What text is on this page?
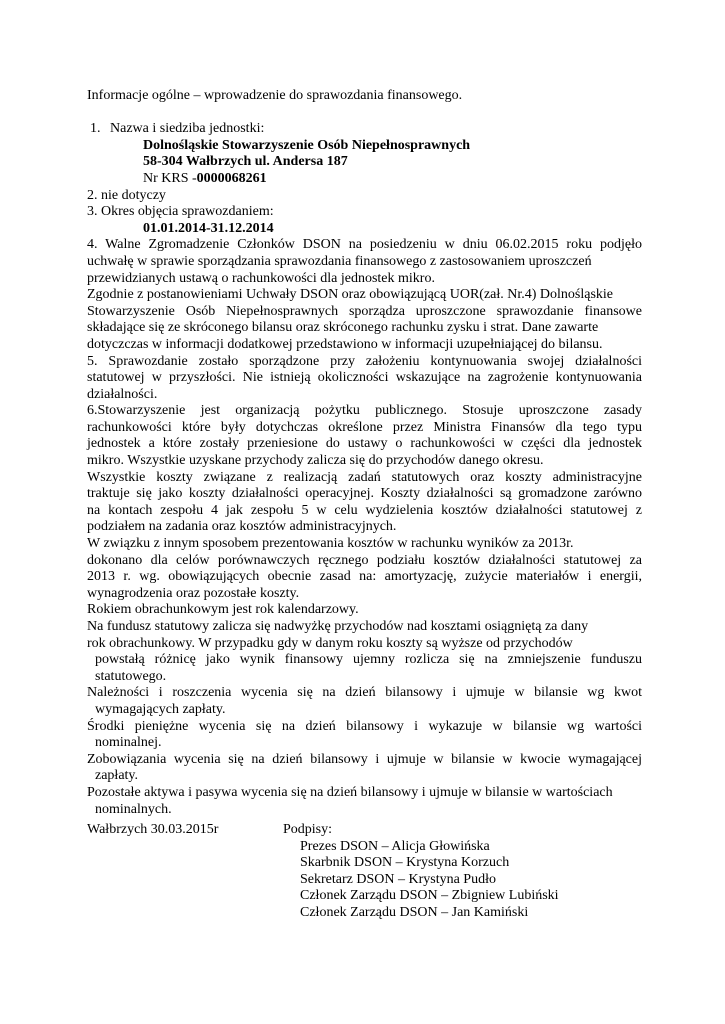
Informacje ogólne – wprowadzenie do sprawozdania finansowego.
1. Nazwa i siedziba jednostki:
Dolnośląskie Stowarzyszenie Osób Niepełnosprawnych
58-304 Wałbrzych ul. Andersa 187
Nr KRS -0000068261
2. nie dotyczy
3. Okres objęcia sprawozdaniem:
01.01.2014-31.12.2014
4. Walne Zgromadzenie Członków DSON na posiedzeniu w dniu 06.02.2015 roku podjęło
uchwałę w sprawie sporządzania sprawozdania finansowego z zastosowaniem uproszczeń
przewidzianych ustawą o rachunkowości dla jednostek mikro.
Zgodnie z postanowieniami Uchwały DSON oraz obowiązującą UOR(zał. Nr.4) Dolnośląskie
Stowarzyszenie Osób Niepełnosprawnych sporządza uproszczone sprawozdanie finansowe
składające się ze skróconego bilansu oraz skróconego rachunku zysku i strat. Dane zawarte
dotyczczas w informacji dodatkowej przedstawiono w informacji uzupełniającej do bilansu.
5. Sprawozdanie zostało sporządzone przy założeniu kontynuowania swojej działalności
statutowej w przyszłości. Nie istnieją okoliczności wskazujące na zagrożenie kontynuowania
działalności.
6.Stowarzyszenie jest organizacją pożytku publicznego. Stosuje uproszczone zasady
rachunkowości które były dotychczas określone przez Ministra Finansów dla tego typu
jednostek a które zostały przeniesione do ustawy o rachunkowości w części dla jednostek
mikro. Wszystkie uzyskane przychody zalicza się do przychodów danego okresu.
Wszystkie koszty związane z realizacją zadań statutowych oraz koszty administracyjne
traktuje się jako koszty działalności operacyjnej. Koszty działalności są gromadzone zarówno
na kontach zespołu 4 jak zespołu 5 w celu wydzielenia kosztów działalności statutowej z
podziałem na zadania oraz kosztów administracyjnych.
W związku z innym sposobem prezentowania kosztów w rachunku wyników za 2013r.
dokonano dla celów porównawczych ręcznego podziału kosztów działalności statutowej za
2013 r. wg. obowiązujących obecnie zasad na: amortyzację, zużycie materiałów i energii,
wynagrodzenia oraz pozostałe koszty.
Rokiem obrachunkowym jest rok kalendarzowy.
Na fundusz statutowy zalicza się nadwyżkę przychodów nad kosztami osiągniętą za dany
rok obrachunkowy. W przypadku gdy w danym roku koszty są wyższe od przychodów
powstałą różnicę jako wynik finansowy ujemny rozlicza się na zmniejszenie funduszu
statutowego.
Należności i roszczenia wycenia się na dzień bilansowy i ujmuje w bilansie wg kwot
wymagających zapłaty.
Środki pieniężne wycenia się na dzień bilansowy i wykazuje w bilansie wg wartości
nominalnej.
Zobowiązania wycenia się na dzień bilansowy i ujmuje w bilansie w kwocie wymagającej
zapłaty.
Pozostałe aktywa i pasywa wycenia się na dzień bilansowy i ujmuje w bilansie w wartościach
nominalnych.
Wałbrzych 30.03.2015r	Podpisy:
Prezes DSON – Alicja Głowińska
Skarbnik DSON – Krystyna Korzuch
Sekretarz DSON – Krystyna Pudło
Członek Zarządu DSON – Zbigniew Lubiński
Członek Zarządu DSON – Jan Kamiński
